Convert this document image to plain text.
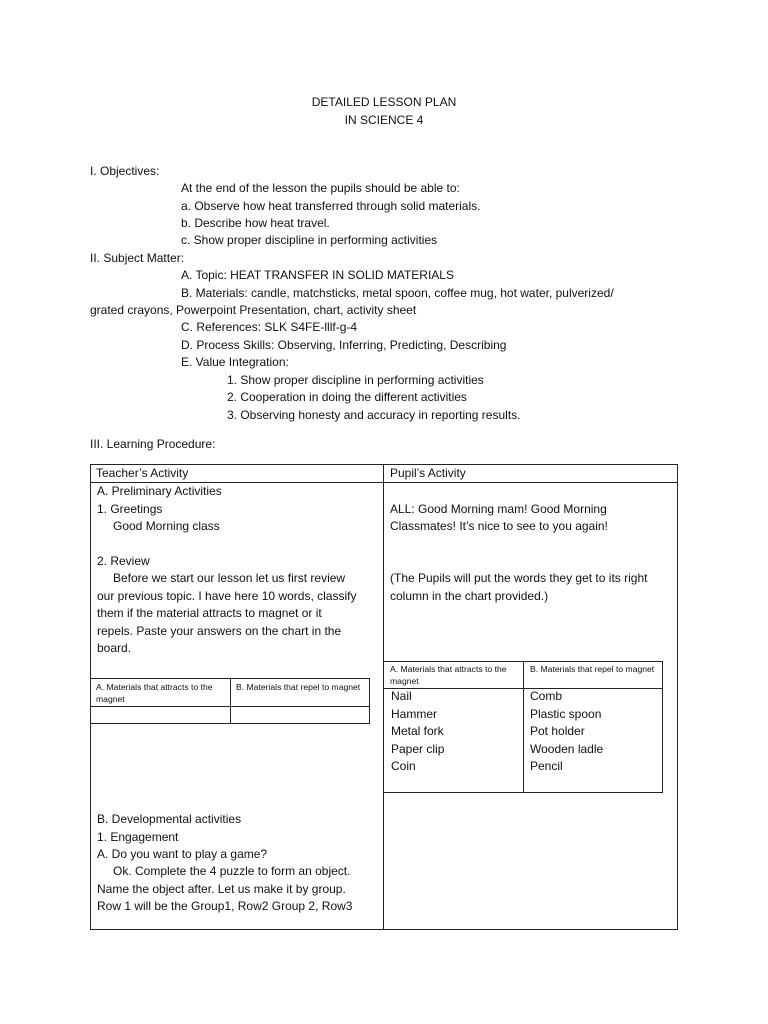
DETAILED LESSON PLAN
IN SCIENCE 4
I. Objectives:
At the end of the lesson the pupils should be able to:
a. Observe how heat transferred through solid materials.
b. Describe how heat travel.
c. Show proper discipline in performing activities
II. Subject Matter:
A. Topic: HEAT TRANSFER IN SOLID MATERIALS
B. Materials: candle, matchsticks, metal spoon, coffee mug, hot water, pulverized/
grated crayons, Powerpoint Presentation, chart, activity sheet
C. References: SLK S4FE-lllf-g-4
D. Process Skills: Observing, Inferring, Predicting, Describing
E. Value Integration:
1. Show proper discipline in performing activities
2. Cooperation in doing the different activities
3. Observing honesty and accuracy in reporting results.
III. Learning Procedure:
Teacher’s Activity	Pupil’s Activity
A. Preliminary Activities
1. Greetings
Good Morning class
2. Review
Before we start our lesson let us first review
our previous topic. I have here 10 words, classify
them if the material attracts to magnet or it
repels. Paste your answers on the chart in the
board.
A. Materials that attracts to the magnet
B. Materials that repel to magnet
B. Developmental activities
1. Engagement
A. Do you want to play a game?
Ok. Complete the 4 puzzle to form an object.
Name the object after. Let us make it by group.
Row 1 will be the Group1, Row2 Group 2, Row3
ALL: Good Morning mam! Good Morning
Classmates! It’s nice to see to you again!
(The Pupils will put the words they get to its right
column in the chart provided.)
A. Materials that attracts to the magnet
B. Materials that repel to magnet
Nail
Hammer
Metal fork
Paper clip
Coin
Comb
Plastic spoon
Pot holder
Wooden ladle
Pencil
